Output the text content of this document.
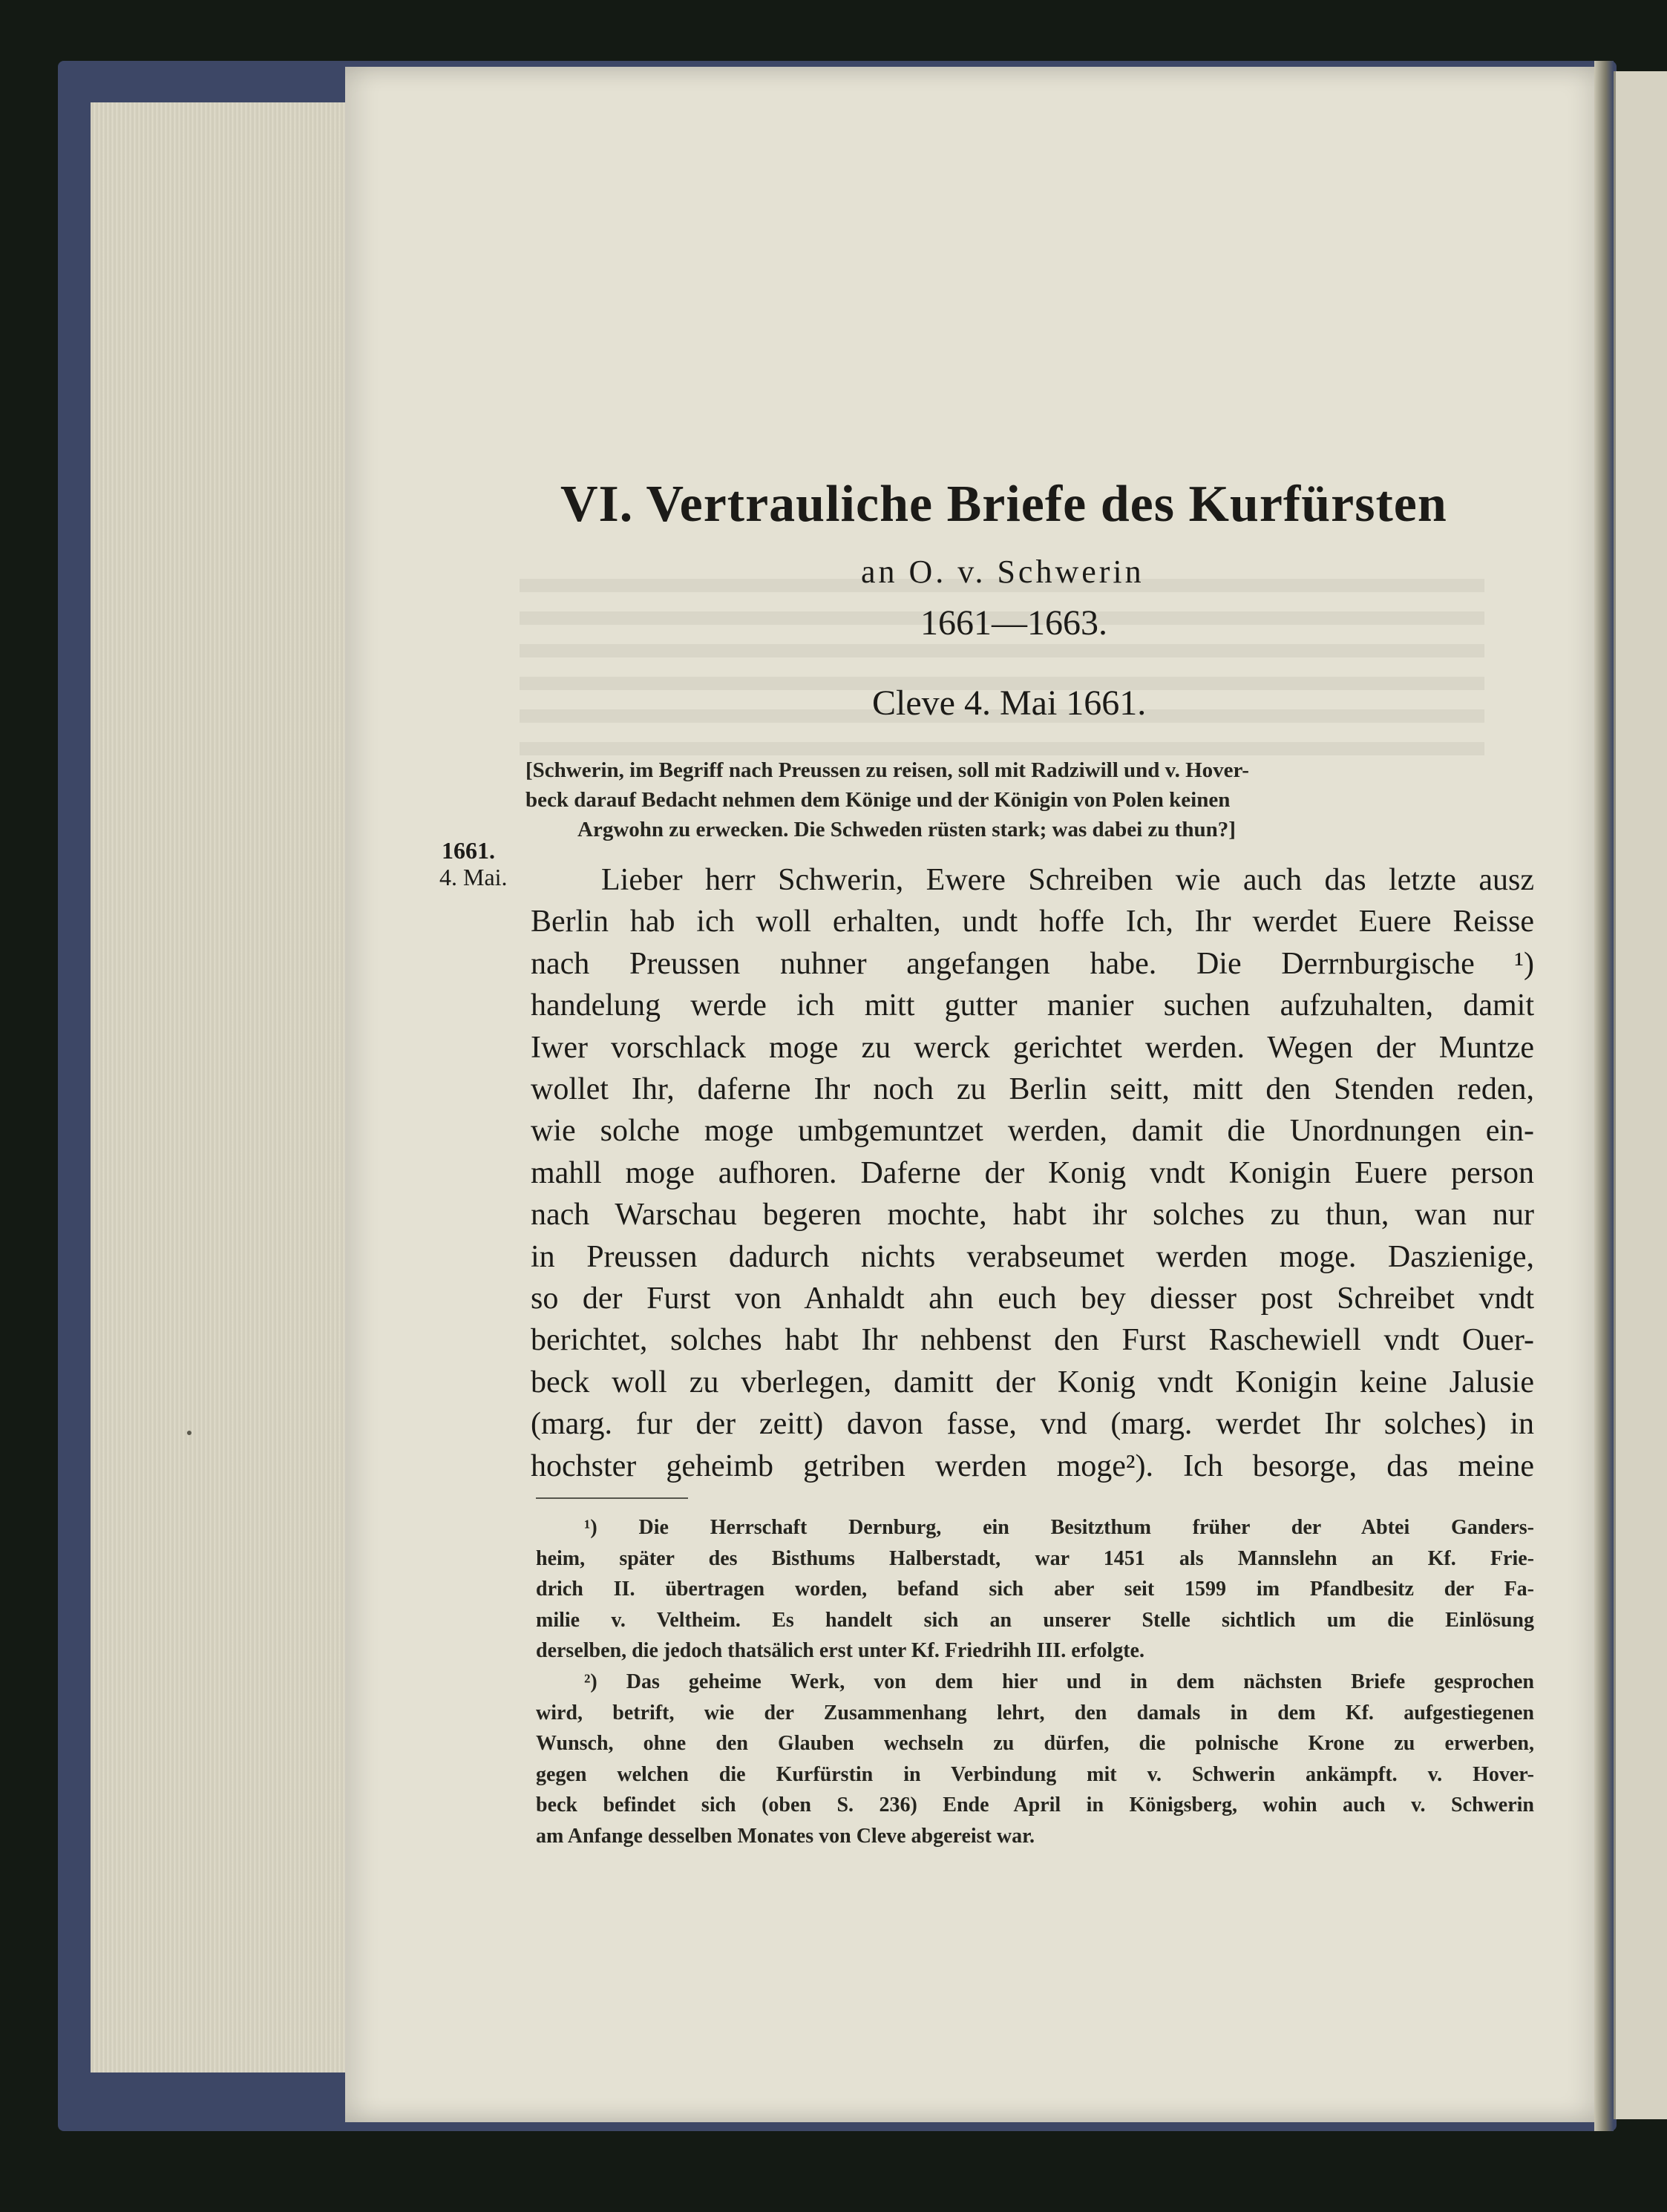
VI. Vertrauliche Briefe des Kurfürsten
an O. v. Schwerin
1661—1663.
Cleve 4. Mai 1661.
[Schwerin, im Begriff nach Preussen zu reisen, soll mit Radziwill und v. Hover-
beck darauf Bedacht nehmen dem Könige und der Königin von Polen keinen
Argwohn zu erwecken. Die Schweden rüsten stark; was dabei zu thun?]
1661.
4. Mai.	Lieber herr Schwerin, Ewere Schreiben wie auch das letzte ausz
Berlin hab ich woll erhalten, undt hoffe Ich, Ihr werdet Euere Reisse
nach Preussen nuhner angefangen habe. Die Derrnburgische ¹)
handelung werde ich mitt gutter manier suchen aufzuhalten, damit
Iwer vorschlack moge zu werck gerichtet werden. Wegen der Muntze
wollet Ihr, daferne Ihr noch zu Berlin seitt, mitt den Stenden reden,
wie solche moge umbgemuntzet werden, damit die Unordnungen ein-
mahll moge aufhoren. Daferne der Konig vndt Konigin Euere person
nach Warschau begeren mochte, habt ihr solches zu thun, wan nur
in Preussen dadurch nichts verabseumet werden moge. Daszienige,
so der Furst von Anhaldt ahn euch bey diesser post Schreibet vndt
berichtet, solches habt Ihr nehbenst den Furst Raschewiell vndt Ouer-
beck woll zu vberlegen, damitt der Konig vndt Konigin keine Jalusie
(marg. fur der zeitt) davon fasse, vnd (marg. werdet Ihr solches) in
hochster geheimb getriben werden moge²). Ich besorge, das meine
¹) Die Herrschaft Dernburg, ein Besitzthum früher der Abtei Ganders-
heim, später des Bisthums Halberstadt, war 1451 als Mannslehn an Kf. Frie-
drich II. übertragen worden, befand sich aber seit 1599 im Pfandbesitz der Fa-
milie v. Veltheim. Es handelt sich an unserer Stelle sichtlich um die Einlösung
derselben, die jedoch thatsälich erst unter Kf. Friedrihh III. erfolgte.
²) Das geheime Werk, von dem hier und in dem nächsten Briefe gesprochen
wird, betrift, wie der Zusammenhang lehrt, den damals in dem Kf. aufgestiegenen
Wunsch, ohne den Glauben wechseln zu dürfen, die polnische Krone zu erwerben,
gegen welchen die Kurfürstin in Verbindung mit v. Schwerin ankämpft. v. Hover-
beck befindet sich (oben S. 236) Ende April in Königsberg, wohin auch v. Schwerin
am Anfange desselben Monates von Cleve abgereist war.
